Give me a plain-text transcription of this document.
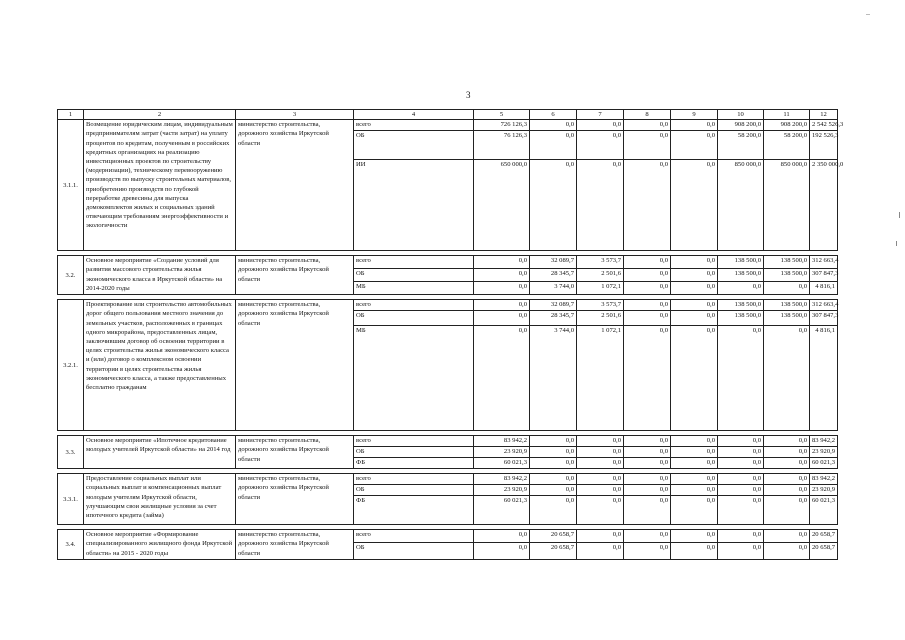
3
1	2	3	4	5	6	7	8	9	10	11	12
3.1.1.	Возмещение юридическим лицам, индивидуальным предпринимателям затрат (части затрат) на уплату процентов по кредитам, полученным в российских кредитных организациях на реализацию инвестиционных проектов по строительству (модернизации), техническому перевооружению производств по выпуску строительных материалов, приобретению производств по глубокой переработке древесины для выпуска домокомплектов жилых и социальных зданий отвечающим требованиям энергоэффективности и экологичности	министерство строительства, дорожного хозяйства Иркутской области	всего	726 126,3	0,0	0,0	0,0	0,0	908 200,0	908 200,0	2 542 526,3
			ОБ	76 126,3	0,0	0,0	0,0	0,0	58 200,0	58 200,0	192 526,3
			ИИ	650 000,0	0,0	0,0	0,0	0,0	850 000,0	850 000,0	2 350 000,0

3.2.	Основное мероприятие «Создание условий для развития массового строительства жилья экономического класса в Иркутской области» на 2014-2020 годы	министерство строительства, дорожного хозяйства Иркутской области	всего	0,0	32 089,7	3 573,7	0,0	0,0	138 500,0	138 500,0	312 663,4
			ОБ	0,0	28 345,7	2 501,6	0,0	0,0	138 500,0	138 500,0	307 847,3
			МБ	0,0	3 744,0	1 072,1	0,0	0,0	0,0	0,0	4 816,1

3.2.1.	Проектирование или строительство автомобильных дорог общего пользования местного значения до земельных участков, расположенных в границах одного микрорайона, предоставленных лицам, заключившим договор об освоении территории в целях строительства жилья экономического класса и (или) договор о комплексном освоении территории в целях строительства жилья экономического класса, а также предоставленных бесплатно гражданам	министерство строительства, дорожного хозяйства Иркутской области	всего	0,0	32 089,7	3 573,7	0,0	0,0	138 500,0	138 500,0	312 663,4
			ОБ	0,0	28 345,7	2 501,6	0,0	0,0	138 500,0	138 500,0	307 847,3
			МБ	0,0	3 744,0	1 072,1	0,0	0,0	0,0	0,0	4 816,1

3.3.	Основное мероприятие «Ипотечное кредитование молодых учителей Иркутской области» на 2014 год	министерство строительства, дорожного хозяйства Иркутской области	всего	83 942,2	0,0	0,0	0,0	0,0	0,0	0,0	83 942,2
			ОБ	23 920,9	0,0	0,0	0,0	0,0	0,0	0,0	23 920,9
			ФБ	60 021,3	0,0	0,0	0,0	0,0	0,0	0,0	60 021,3

3.3.1.	Предоставление социальных выплат или социальных выплат и компенсационных выплат молодым учителям Иркутской области, улучшающим свои жилищные условия за счет ипотечного кредита (займа)	министерство строительства, дорожного хозяйства Иркутской области	всего	83 942,2	0,0	0,0	0,0	0,0	0,0	0,0	83 942,2
			ОБ	23 920,9	0,0	0,0	0,0	0,0	0,0	0,0	23 920,9
			ФБ	60 021,3	0,0	0,0	0,0	0,0	0,0	0,0	60 021,3

3.4.	Основное мероприятие «Формирование специализированного жилищного фонда Иркутской области» на 2015 - 2020 годы	министерство строительства, дорожного хозяйства Иркутской области	всего	0,0	20 658,7	0,0	0,0	0,0	0,0	0,0	20 658,7
			ОБ	0,0	20 658,7	0,0	0,0	0,0	0,0	0,0	20 658,7
